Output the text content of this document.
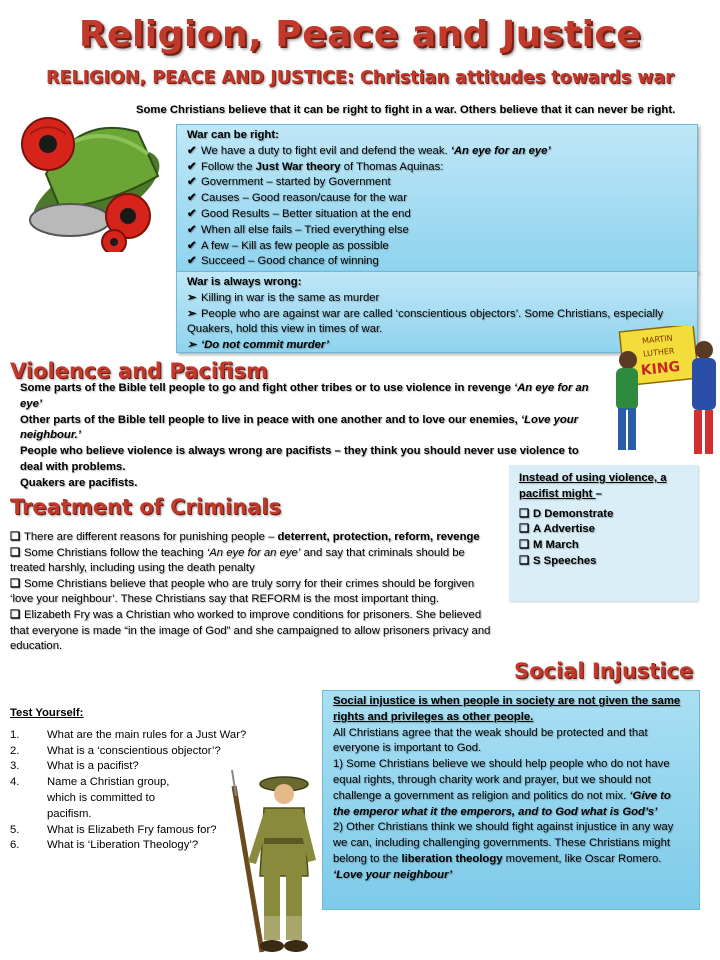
Religion, Peace and Justice
RELIGION, PEACE AND JUSTICE: Christian attitudes towards war
Some Christians believe that it can be right to fight in a war. Others believe that it can never be right.
War can be right:
✔ We have a duty to fight evil and defend the weak. ‘An eye for an eye’
✔ Follow the Just War theory of Thomas Aquinas:
✔ Government – started by Government
✔ Causes – Good reason/cause for the war
✔ Good Results – Better situation at the end
✔ When all else fails – Tried everything else
✔ A few – Kill as few people as possible
✔ Succeed – Good chance of winning
War is always wrong:
➢ Killing in war is the same as murder
➢ People who are against war are called ‘conscientious objectors’. Some Christians, especially Quakers, hold this view in times of war.
➢ ‘Do not commit murder’	MARTIN
LUTHER
KING
Violence and Pacifism

Some parts of the Bible tell people to go and fight other tribes or to use violence in revenge ‘An eye for an eye’

Other parts of the Bible tell people to live in peace with one another and to love our enemies, ‘Love your neighbour.’

People who believe violence is always wrong are pacifists – they think you should never use violence to deal with problems.

Quakers are pacifists.	Instead of using violence, a pacifist might –
❑ D Demonstrate
❑ A Advertise
❑ M March
❑ S Speeches
Treatment of Criminals

❑ There are different reasons for punishing people – deterrent, protection, reform, revenge

❑ Some Christians follow the teaching ‘An eye for an eye’ and say that criminals should be treated harshly, including using the death penalty

❑ Some Christians believe that people who are truly sorry for their crimes should be forgiven ‘love your neighbour’. These Christians say that REFORM is the most important thing.

❑ Elizabeth Fry was a Christian who worked to improve conditions for prisoners. She believed that everyone is made “in the image of God” and she campaigned to allow prisoners privacy and education.

Test Yourself:
1.	What are the main rules for a Just War?
2.	What is a ‘conscientious objector’?
3.	What is a pacifist?
4.	Name a Christian group, which is committed to pacifism.
5.	What is Elizabeth Fry famous for?
6.	What is ‘Liberation Theology’?
Social Injustice

Social injustice is when people in society are not given the same rights and privileges as other people.

All Christians agree that the weak should be protected and that everyone is important to God.

1) Some Christians believe we should help people who do not have equal rights, through charity work and prayer, but we should not challenge a government as religion and politics do not mix. ‘Give to the emperor what it the emperors, and to God what is God’s’

2) Other Christians think we should fight against injustice in any way we can, including challenging governments. These Christians might belong to the liberation theology movement, like Oscar Romero. ‘Love your neighbour’
